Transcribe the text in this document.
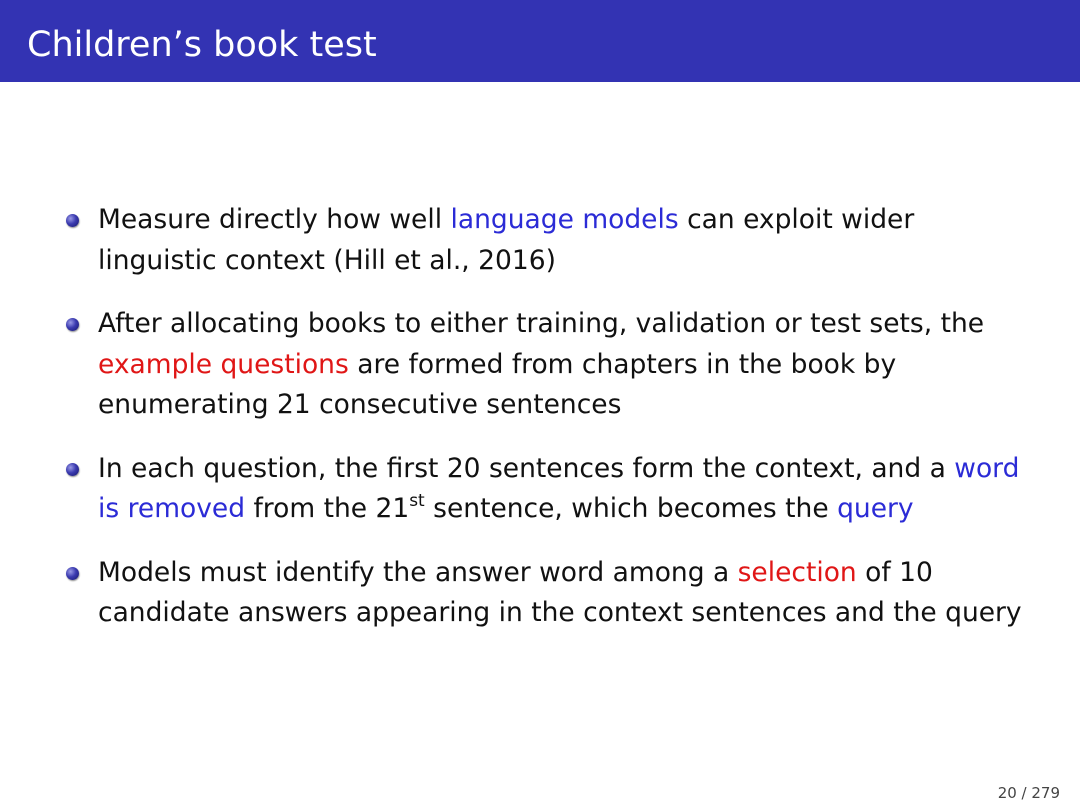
Children’s book test
Measure directly how well language models can exploit wider
linguistic context (Hill et al., 2016)
After allocating books to either training, validation or test sets, the
example questions are formed from chapters in the book by
enumerating 21 consecutive sentences
In each question, the first 20 sentences form the context, and a word
is removed from the 21st sentence, which becomes the query
Models must identify the answer word among a selection of 10
candidate answers appearing in the context sentences and the query
20 / 279
